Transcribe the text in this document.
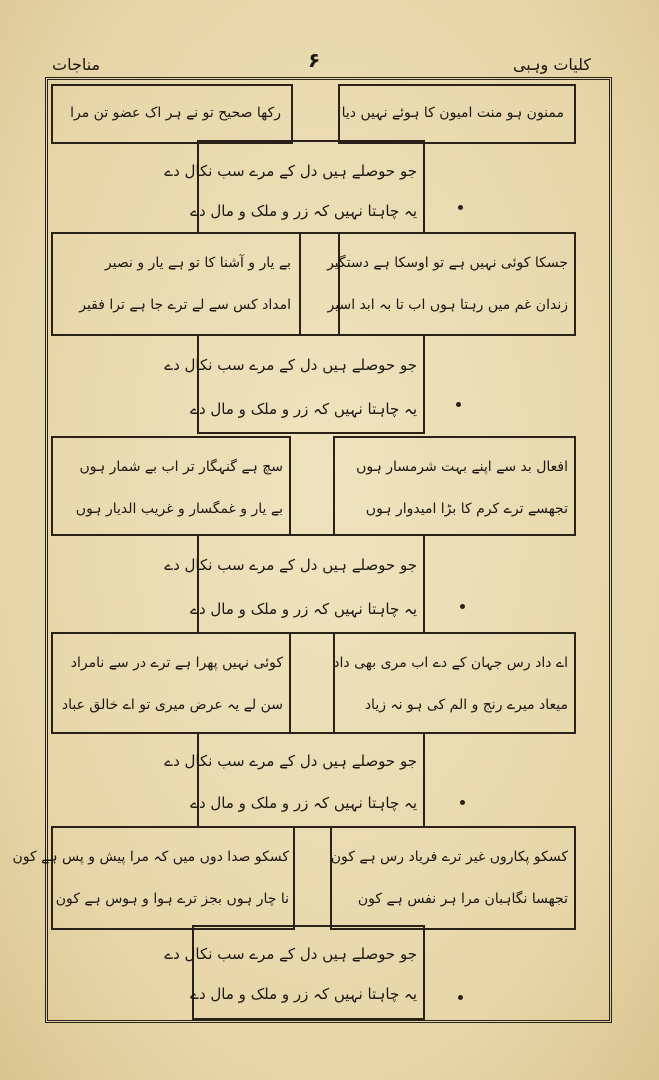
کلیات وہبی
۶
مناجات
ممنون ہو منت امیون کا ہوئے نہیں دیا
رکھا صحیح تو نے ہر اک عضو تن مرا
جو حوصلے ہیں دل کے مرے سب نکال دے
یہ چاہتا نہیں کہ زر و ملک و مال دے
جسکا کوئی نہیں ہے تو اوسکا ہے دستگیر
زندان غم میں رہتا ہوں اب تا بہ ابد اسیر
بے یار و آشنا کا تو ہے یار و نصیر
امداد کس سے لے ترے جا ہے ترا فقیر
جو حوصلے ہیں دل کے مرے سب نکال دے
یہ چاہتا نہیں کہ زر و ملک و مال دے
افعال بد سے اپنے بہت شرمسار ہوں
تجھسے ترے کرم کا بڑا امیدوار ہوں
سچ ہے گنہگار تر اب بے شمار ہوں
بے یار و غمگسار و غریب الدیار ہوں
جو حوصلے ہیں دل کے مرے سب نکال دے
یہ چاہتا نہیں کہ زر و ملک و مال دے
اے داد رس جہان کے دے اب مری بھی داد
میعاد میرے رنج و الم کی ہو نہ زیاد
کوئی نہیں پھرا ہے ترے در سے نامراد
سن لے یہ عرض میری تو اے خالق عباد
جو حوصلے ہیں دل کے مرے سب نکال دے
یہ چاہتا نہیں کہ زر و ملک و مال دے
کسکو پکاروں غیر ترے فریاد رس ہے کون
تجھسا نگاہبان مرا ہر نفس ہے کون
کسکو صدا دوں میں کہ مرا پیش و پس ہے کون
نا چار ہوں بجز ترے ہوا و ہوس ہے کون
جو حوصلے ہیں دل کے مرے سب نکال دے
یہ چاہتا نہیں کہ زر و ملک و مال دے
